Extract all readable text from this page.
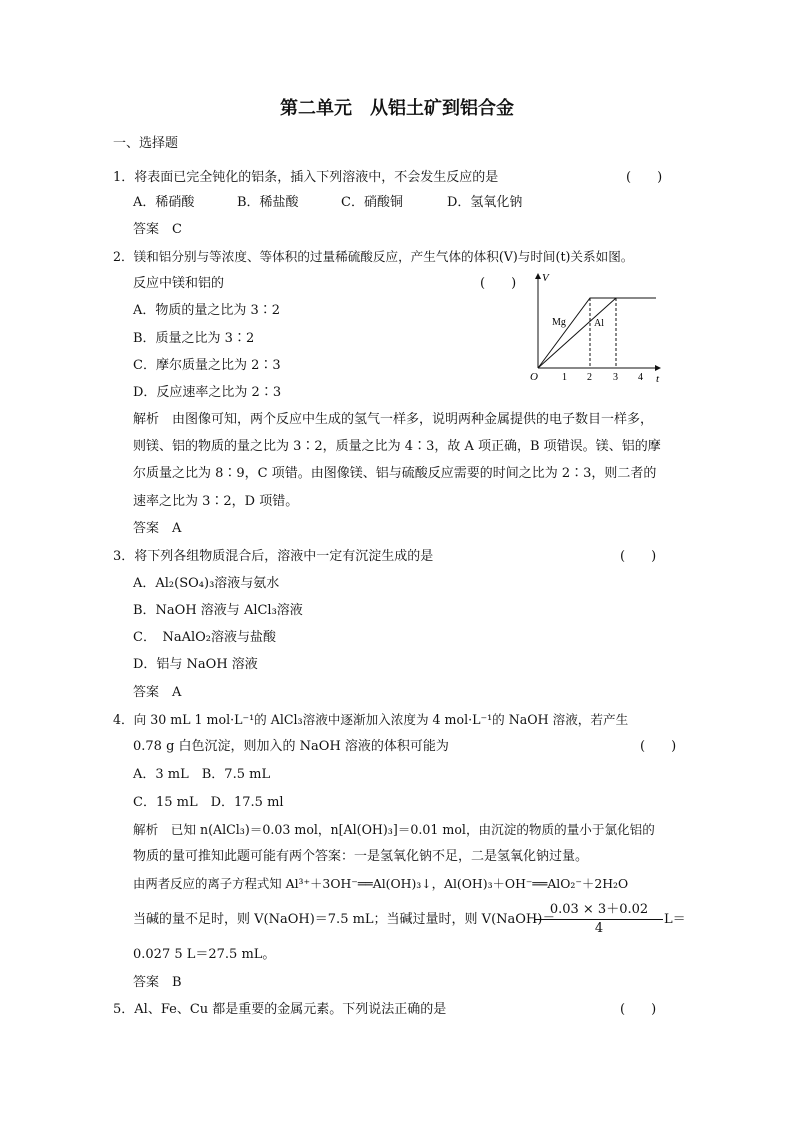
第二单元　从铝土矿到铝合金
一、选择题
1．将表面已完全钝化的铝条，插入下列溶液中，不会发生反应的是	(　　)
A．稀硝酸	B．稀盐酸	C．硝酸铜	D．氢氧化钠
答案　C
2．镁和铝分别与等浓度、等体积的过量稀硫酸反应，产生气体的体积(V)与时间(t)关系如图。
反应中镁和铝的	(　　)
A．物质的量之比为 3∶2
B．质量之比为 3∶2
C．摩尔质量之比为 2∶3
D．反应速率之比为 2∶3
V
t
O 1 2 3 4
Mg	Al
解析　由图像可知，两个反应中生成的氢气一样多，说明两种金属提供的电子数目一样多，
则镁、铝的物质的量之比为 3∶2，质量之比为 4∶3，故 A 项正确，B 项错误。镁、铝的摩
尔质量之比为 8∶9，C 项错。由图像镁、铝与硫酸反应需要的时间之比为 2∶3，则二者的
速率之比为 3∶2，D 项错。
答案　A
3．将下列各组物质混合后，溶液中一定有沉淀生成的是	(　　)
A．Al₂(SO₄)₃溶液与氨水
B．NaOH 溶液与 AlCl₃溶液
C．　NaAlO₂溶液与盐酸
D．铝与 NaOH 溶液
答案　A
4．向 30 mL 1 mol·L⁻¹的 AlCl₃溶液中逐渐加入浓度为 4 mol·L⁻¹的 NaOH 溶液，若产生
0.78 g 白色沉淀，则加入的 NaOH 溶液的体积可能为	(　　)
A．3 mL　B．7.5 mL
C．15 mL　D．17.5 ml
解析　已知 n(AlCl₃)＝0.03 mol，n[Al(OH)₃]＝0.01 mol，由沉淀的物质的量小于氯化铝的
物质的量可推知此题可能有两个答案：一是氢氧化钠不足，二是氢氧化钠过量。
由两者反应的离子方程式知 Al³⁺＋3OH⁻══Al(OH)₃↓，Al(OH)₃＋OH⁻══AlO₂⁻＋2H₂O
当碱的量不足时，则 V(NaOH)＝7.5 mL；当碱过量时，则 V(NaOH)＝
$\frac{0.03 \times 3+0.02}{4} L=$
0.027 5 L＝27.5 mL。
答案　B
5．Al、Fe、Cu 都是重要的金属元素。下列说法正确的是	(　　)
